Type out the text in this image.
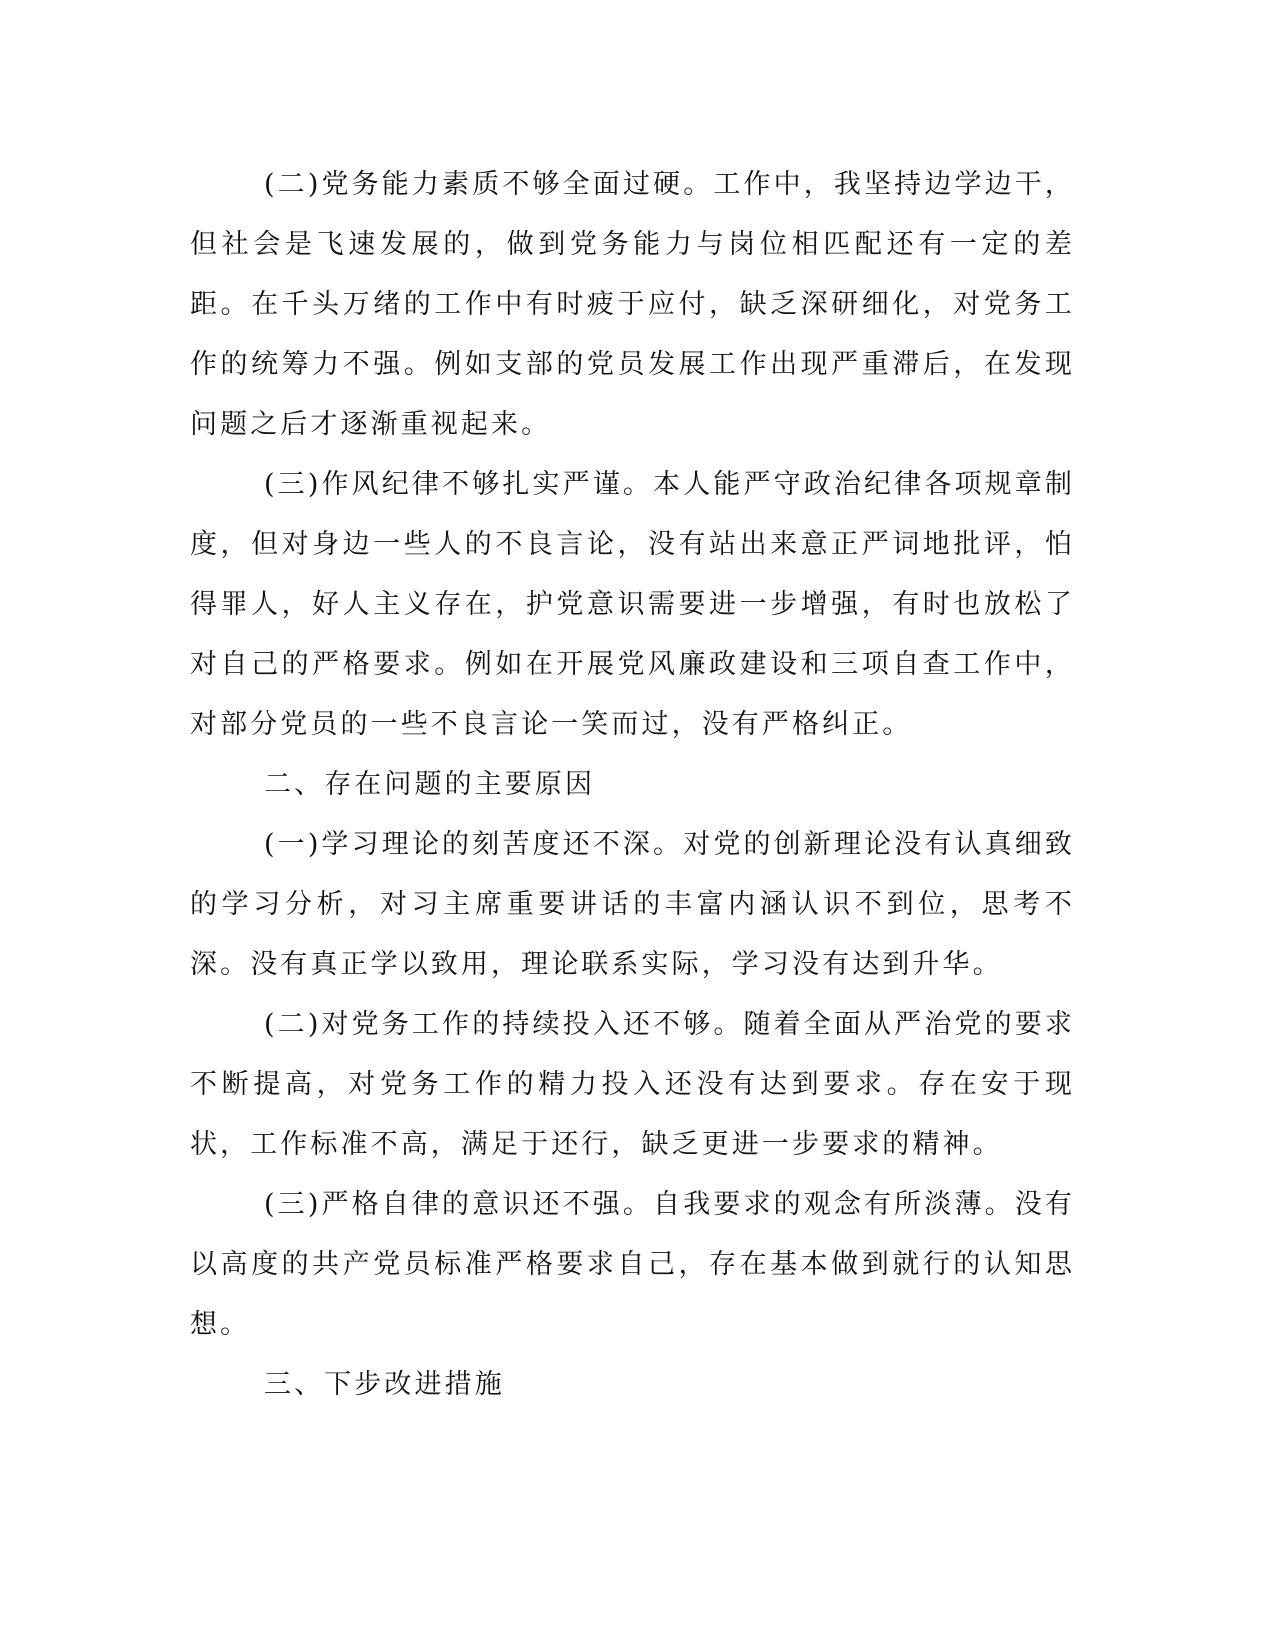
(二)党务能力素质不够全面过硬。工作中，我坚持边学边干，但社会是飞速发展的，做到党务能力与岗位相匹配还有一定的差距。在千头万绪的工作中有时疲于应付，缺乏深研细化，对党务工作的统筹力不强。例如支部的党员发展工作出现严重滞后，在发现问题之后才逐渐重视起来。

(三)作风纪律不够扎实严谨。本人能严守政治纪律各项规章制度，但对身边一些人的不良言论，没有站出来意正严词地批评，怕得罪人，好人主义存在，护党意识需要进一步增强，有时也放松了对自己的严格要求。例如在开展党风廉政建设和三项自查工作中，对部分党员的一些不良言论一笑而过，没有严格纠正。

二、存在问题的主要原因

(一)学习理论的刻苦度还不深。对党的创新理论没有认真细致的学习分析，对习主席重要讲话的丰富内涵认识不到位，思考不深。没有真正学以致用，理论联系实际，学习没有达到升华。

(二)对党务工作的持续投入还不够。随着全面从严治党的要求不断提高，对党务工作的精力投入还没有达到要求。存在安于现状，工作标准不高，满足于还行，缺乏更进一步要求的精神。

(三)严格自律的意识还不强。自我要求的观念有所淡薄。没有以高度的共产党员标准严格要求自己，存在基本做到就行的认知思想。

三、下步改进措施
